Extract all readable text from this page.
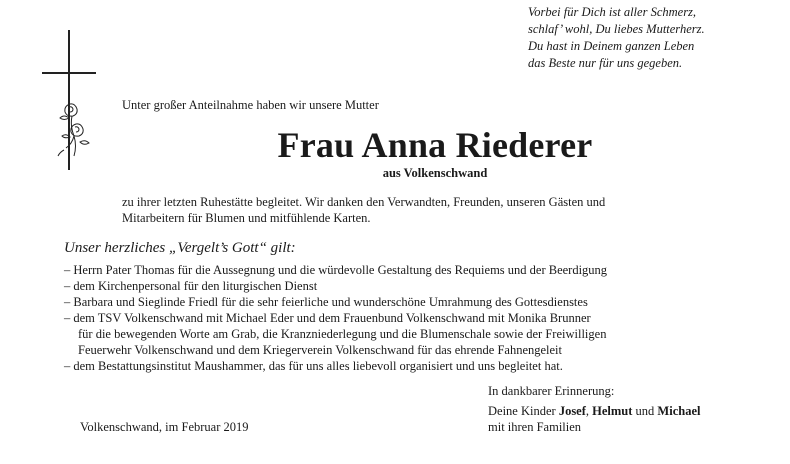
Vorbei für Dich ist aller Schmerz,
schlaf’ wohl, Du liebes Mutterherz.
Du hast in Deinem ganzen Leben
das Beste nur für uns gegeben.
Unter großer Anteilnahme haben wir unsere Mutter
Frau Anna Riederer
aus Volkenschwand
zu ihrer letzten Ruhestätte begleitet. Wir danken den Verwandten, Freunden, unseren Gästen und
Mitarbeitern für Blumen und mitfühlende Karten.
Unser herzliches „Vergelt’s Gott“ gilt:
– Herrn Pater Thomas für die Aussegnung und die würdevolle Gestaltung des Requiems und der Beerdigung
– dem Kirchenpersonal für den liturgischen Dienst
– Barbara und Sieglinde Friedl für die sehr feierliche und wunderschöne Umrahmung des Gottesdienstes
– dem TSV Volkenschwand mit Michael Eder und dem Frauenbund Volkenschwand mit Monika Brunner
für die bewegenden Worte am Grab, die Kranzniederlegung und die Blumenschale sowie der Freiwilligen
Feuerwehr Volkenschwand und dem Kriegerverein Volkenschwand für das ehrende Fahnengeleit
– dem Bestattungsinstitut Maushammer, das für uns alles liebevoll organisiert und uns begleitet hat.
In dankbarer Erinnerung:
Deine Kinder Josef, Helmut und Michael
mit ihren Familien
Volkenschwand, im Februar 2019
